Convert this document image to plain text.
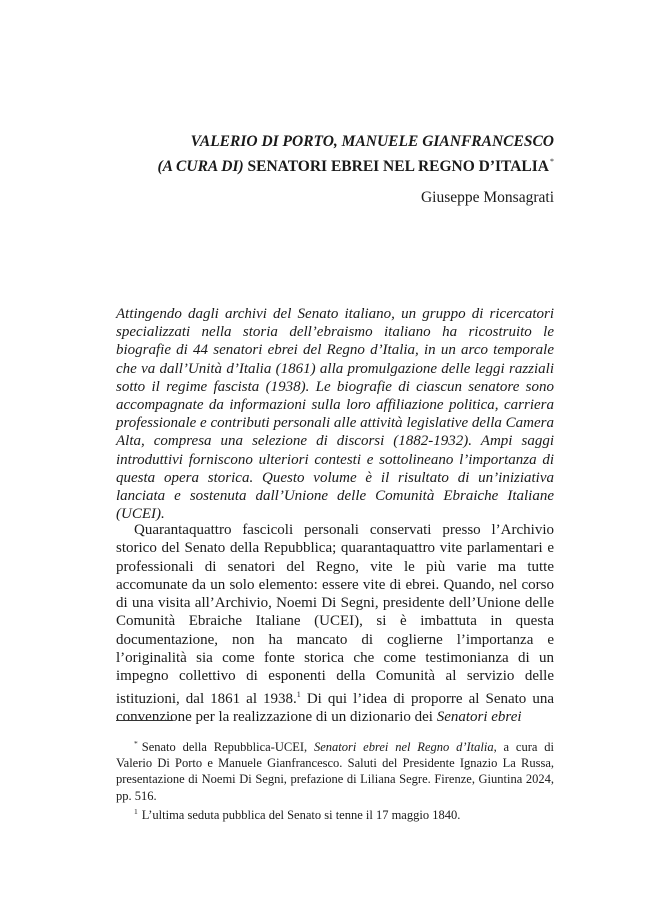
VALERIO DI PORTO, MANUELE GIANFRANCESCO
(A CURA DI) SENATORI EBREI NEL REGNO D’ITALIA*
Giuseppe Monsagrati
Attingendo dagli archivi del Senato italiano, un gruppo di ricercatori specializzati nella storia dell’ebraismo italiano ha ricostruito le biografie di 44 senatori ebrei del Regno d’Italia, in un arco temporale che va dall’Unità d’Italia (1861) alla promulgazione delle leggi razziali sotto il regime fascista (1938). Le biografie di ciascun senatore sono accompagnate da informazioni sulla loro affiliazione politica, carriera professionale e contributi personali alle attività legislative della Camera Alta, compresa una selezione di discorsi (1882-1932). Ampi saggi introduttivi forniscono ulteriori contesti e sottolineano l’importanza di questa opera storica. Questo volume è il risultato di un’iniziativa lanciata e sostenuta dall’Unione delle Comunità Ebraiche Italiane (UCEI).

Quarantaquattro fascicoli personali conservati presso l’Archivio storico del Senato della Repubblica; quarantaquattro vite parlamentari e professionali di senatori del Regno, vite le più varie ma tutte accomunate da un solo elemento: essere vite di ebrei. Quando, nel corso di una visita all’Archivio, Noemi Di Segni, presidente dell’Unione delle Comunità Ebraiche Italiane (UCEI), si è imbattuta in questa documentazione, non ha mancato di coglierne l’importanza e l’originalità sia come fonte storica che come testimonianza di un impegno collettivo di esponenti della Comunità al servizio delle istituzioni, dal 1861 al 1938.$^1$ Di qui l’idea di proporre al Senato una convenzione per la realizzazione di un dizionario dei Senatori ebrei

* Senato della Repubblica-UCEI, Senatori ebrei nel Regno d’Italia, a cura di Valerio Di Porto e Manuele Gianfrancesco. Saluti del Presidente Ignazio La Russa, presentazione di Noemi Di Segni, prefazione di Liliana Segre. Firenze, Giuntina 2024, pp. 516.

$^1$ L’ultima seduta pubblica del Senato si tenne il 17 maggio 1840.
